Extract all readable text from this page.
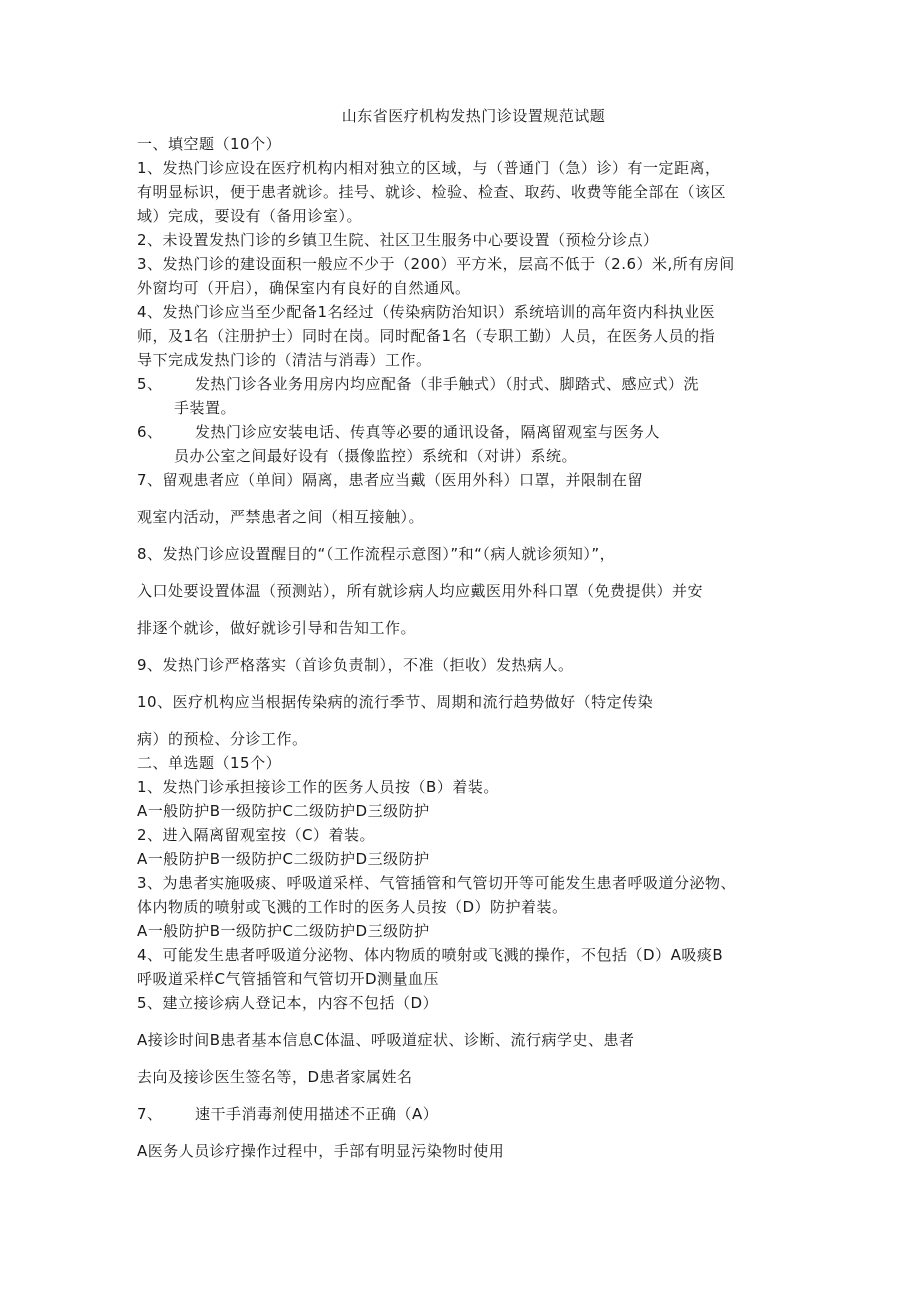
山东省医疗机构发热门诊设置规范试题

一、填空题（10个）

1、发热门诊应设在医疗机构内相对独立的区域，与（普通门（急）诊）有一定距离，

有明显标识，便于患者就诊。挂号、就诊、检验、检查、取药、收费等能全部在（该区

域）完成，要设有（备用诊室）。

2、未设置发热门诊的乡镇卫生院、社区卫生服务中心要设置（预检分诊点）

3、发热门诊的建设面积一般应不少于（200）平方米，层高不低于（2.6）米,所有房间

外窗均可（开启），确保室内有良好的自然通风。

4、发热门诊应当至少配备1名经过（传染病防治知识）系统培训的高年资内科执业医

师，及1名（注册护士）同时在岗。同时配备1名（专职工勤）人员，在医务人员的指

导下完成发热门诊的（清洁与消毒）工作。

5、 发热门诊各业务用房内均应配备（非手触式）（肘式、脚踏式、感应式）洗

手装置。

6、 发热门诊应安装电话、传真等必要的通讯设备，隔离留观室与医务人

员办公室之间最好设有（摄像监控）系统和（对讲）系统。

7、留观患者应（单间）隔离，患者应当戴（医用外科）口罩，并限制在留

观室内活动，严禁患者之间（相互接触）。

8、发热门诊应设置醒目的“（工作流程示意图）”和“（病人就诊须知）”，

入口处要设置体温（预测站），所有就诊病人均应戴医用外科口罩（免费提供）并安

排逐个就诊，做好就诊引导和告知工作。

9、发热门诊严格落实（首诊负责制），不准（拒收）发热病人。

10、医疗机构应当根据传染病的流行季节、周期和流行趋势做好（特定传染

病）的预检、分诊工作。

二、单选题（15个）

1、发热门诊承担接诊工作的医务人员按（B）着装。

A一般防护B一级防护C二级防护D三级防护

2、进入隔离留观室按（C）着装。

A一般防护B一级防护C二级防护D三级防护

3、为患者实施吸痰、呼吸道采样、气管插管和气管切开等可能发生患者呼吸道分泌物、

体内物质的喷射或飞溅的工作时的医务人员按（D）防护着装。

A一般防护B一级防护C二级防护D三级防护

4、可能发生患者呼吸道分泌物、体内物质的喷射或飞溅的操作，不包括（D）A吸痰B

呼吸道采样C气管插管和气管切开D测量血压

5、建立接诊病人登记本，内容不包括（D）

A接诊时间B患者基本信息C体温、呼吸道症状、诊断、流行病学史、患者

去向及接诊医生签名等，D患者家属姓名

7、 速干手消毒剂使用描述不正确（A）

A医务人员诊疗操作过程中，手部有明显污染物时使用
